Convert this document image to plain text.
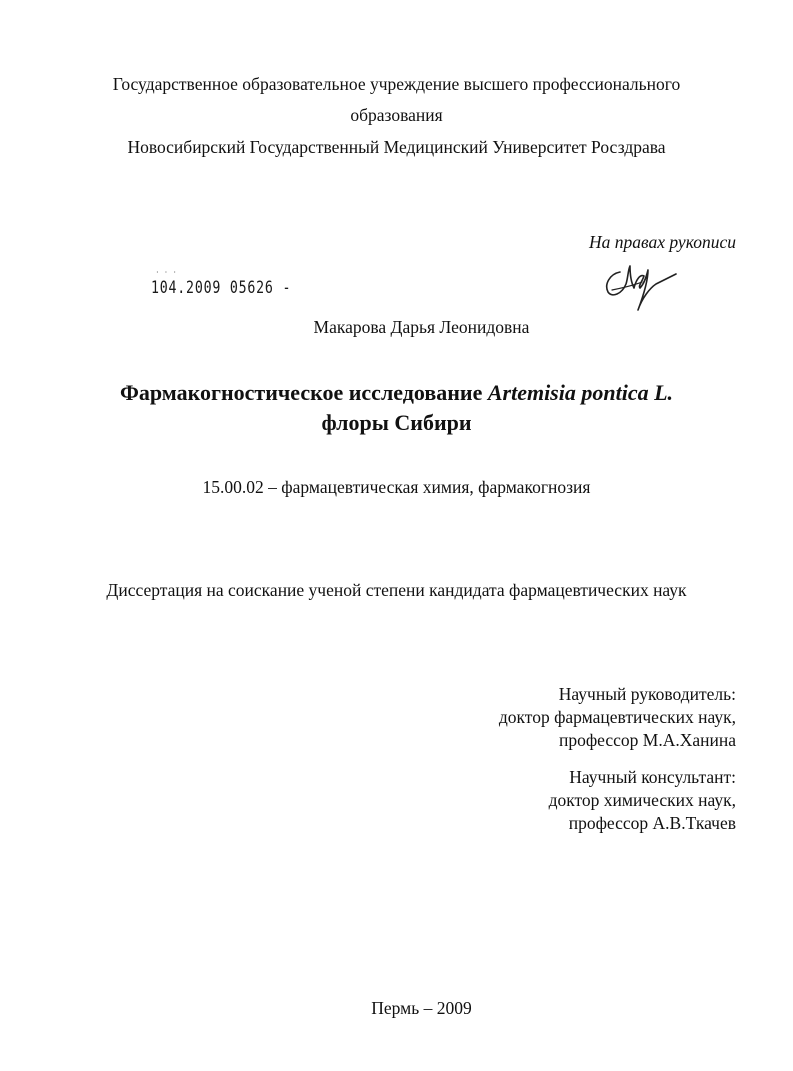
Государственное образовательное учреждение высшего профессионального
образования
Новосибирский Государственный Медицинский Университет Росздрава
На правах рукописи
· · ·
104.2009 05626 -
Макарова Дарья Леонидовна
Фармакогностическое исследование Artemisia pontica L.
флоры Сибири
15.00.02 – фармацевтическая химия, фармакогнозия
Диссертация на соискание ученой степени кандидата фармацевтических наук
Научный руководитель:
доктор фармацевтических наук,
профессор М.А.Ханина
Научный консультант:
доктор химических наук,
профессор А.В.Ткачев
Пермь – 2009
